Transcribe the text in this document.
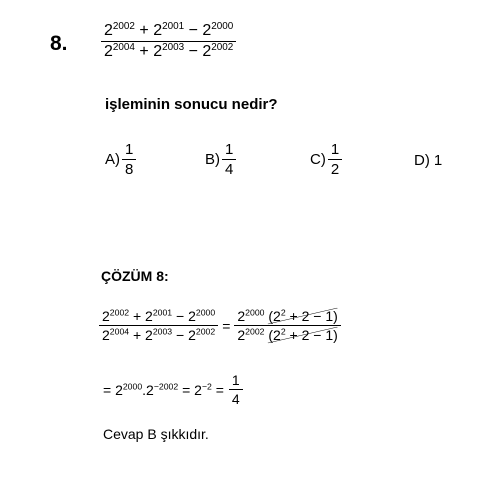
8. $\frac{2^{2002} + 2^{2001} - 2^{2000}}{2^{2004} + 2^{2003} - 2^{2002}}$
işleminin sonucu nedir?
$A) \frac{1}{8}$	$B) \frac{1}{4}$	$C) \frac{1}{2}$	D) 1
ÇÖZÜM 8:
$\frac{2^{2002} + 2^{2001} - 2^{2000}}{2^{2004} + 2^{2003} - 2^{2002}} = \frac{2^{2000} (2^2 + 2 - 1)}{2^{2002} (2^2 + 2 - 1)}$
= $2^{2000}.2^{-2002} = 2^{-2} = \frac{1}{4}$
Cevap B şıkkıdır.
